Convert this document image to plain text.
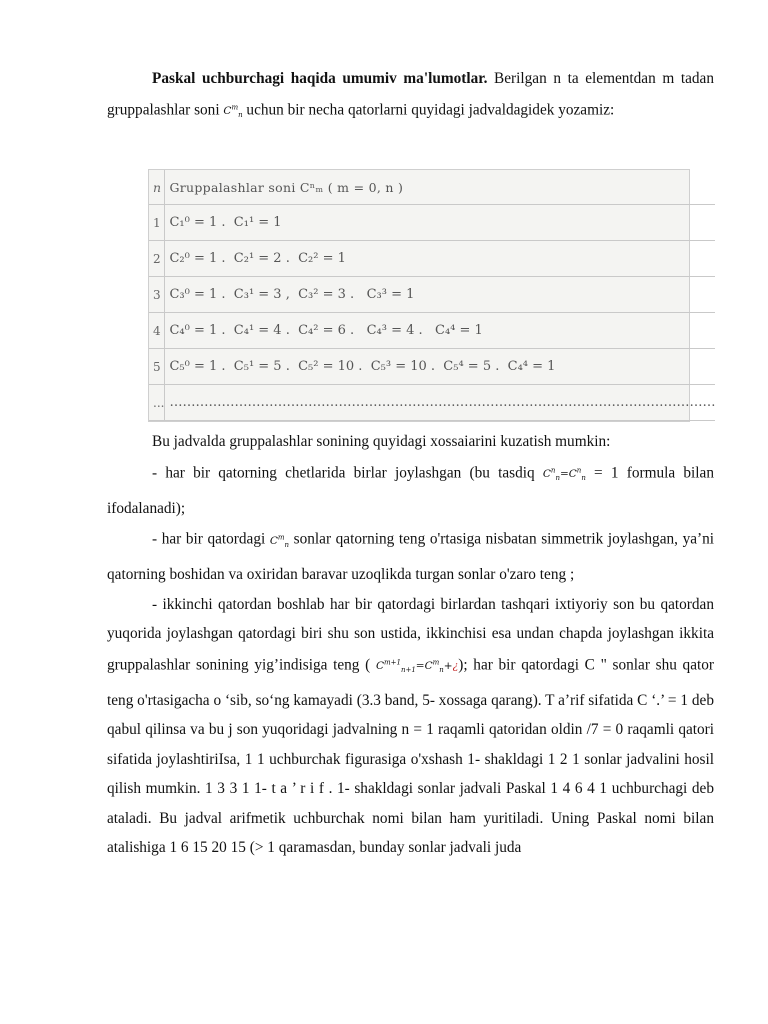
Paskal uchburchagi haqida umumiv ma'lumotlar. Berilgan n ta elementdan m tadan gruppalashlar soni $C^m_n$ uchun bir necha qatorlarni quyidagi jadvaldagidek yozamiz:

n	Gruppalashlar soni Cⁿₘ ( m = 0, n )
1	C₁⁰ = 1 .  C₁¹ = 1
2	C₂⁰ = 1 .  C₂¹ = 2 .  C₂² = 1
3	C₃⁰ = 1 .  C₃¹ = 3 ,  C₃² = 3 .   C₃³ = 1
4	C₄⁰ = 1 .  C₄¹ = 4 .  C₄² = 6 .   C₄³ = 4 .   C₄⁴ = 1
5	C₅⁰ = 1 .  C₅¹ = 5 .  C₅² = 10 .  C₅³ = 10 .  C₅⁴ = 5 .  C₄⁴ = 1
...	………………………………………………………………………………………………………………

Bu jadvalda gruppalashlar sonining quyidagi xossaiarini kuzatish mumkin:

- har bir qatorning chetlarida birlar joylashgan (bu tasdiq $C^n_n=C^n_n = 1$ formula bilan ifodalanadi);

- har bir qatordagi $C^m_n$ sonlar qatorning teng o'rtasiga nisbatan simmetrik joylashgan, ya’ni qatorning boshidan va oxiridan baravar uzoqlikda turgan sonlar o'zaro teng ;

- ikkinchi qatordan boshlab har bir qatordagi birlardan tashqari ixtiyoriy son bu qatordan yuqorida joylashgan qatordagi biri shu son ustida, ikkinchisi esa undan chapda joylashgan ikkita gruppalashlar sonining yig’indisiga teng ( $C^{m+1}_{n+1}=C^m_n+¿$); har bir qatordagi C " sonlar shu qator teng o'rtasigacha o ‘sib, so‘ng kamayadi (3.3 band, 5- xossaga qarang). T a’rif sifatida C ‘.’ = 1 deb qabul qilinsa va bu j son yuqoridagi jadvalning n = 1 raqamli qatoridan oldin /7 = 0 raqamli qatori sifatida joylashtiriIsa, 1 1 uchburchak figurasiga o'xshash 1- shakldagi 1 2 1 sonlar jadvalini hosil qilish mumkin. 1 3 3 1 1- t a ’ r i f . 1- shakldagi sonlar jadvali Paskal 1 4 6 4 1 uchburchagi deb ataladi. Bu jadval arifmetik uchburchak nomi bilan ham yuritiladi. Uning Paskal nomi bilan atalishiga 1 6 15 20 15 (> 1 qaramasdan, bunday sonlar jadvali juda
